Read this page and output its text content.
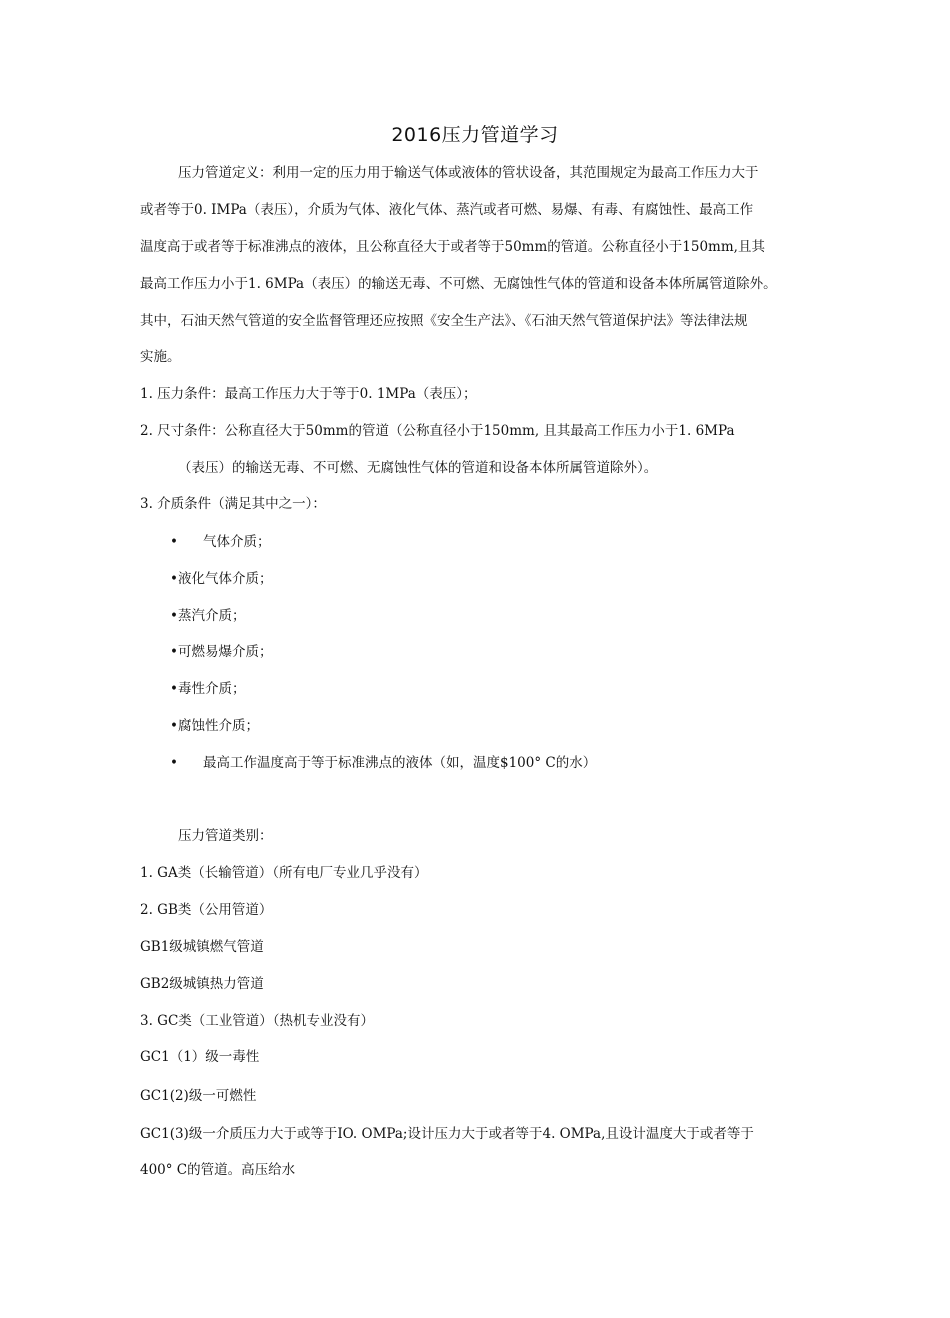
2016压力管道学习
压力管道定义：利用一定的压力用于输送气体或液体的管状设备，其范围规定为最高工作压力大于
或者等于0. IMPa（表压），介质为气体、液化气体、蒸汽或者可燃、易爆、有毒、有腐蚀性、最高工作
温度高于或者等于标准沸点的液体，且公称直径大于或者等于50mm的管道。公称直径小于150mm,且其
最高工作压力小于1. 6MPa（表压）的输送无毒、不可燃、无腐蚀性气体的管道和设备本体所属管道除外。
其中，石油天然气管道的安全监督管理还应按照《安全生产法》、《石油天然气管道保护法》等法律法规
实施。
1. 压力条件：最高工作压力大于等于0. 1MPa（表压）；
2. 尺寸条件：公称直径大于50mm的管道（公称直径小于150mm, 且其最高工作压力小于1. 6MPa
（表压）的输送无毒、不可燃、无腐蚀性气体的管道和设备本体所属管道除外）。
3. 介质条件（满足其中之一）：
• 气体介质；
•液化气体介质；
•蒸汽介质；
•可燃易爆介质；
•毒性介质；
•腐蚀性介质；
• 最高工作温度高于等于标准沸点的液体（如，温度$100° C的水）
压力管道类别：
1. GA类（长输管道）（所有电厂专业几乎没有）
2. GB类（公用管道）
GB1级城镇燃气管道
GB2级城镇热力管道
3. GC类（工业管道）（热机专业没有）
GC1（1）级一毒性
GC1(2)级一可燃性
GC1(3)级一介质压力大于或等于IO. OMPa;设计压力大于或者等于4. OMPa,且设计温度大于或者等于
400° C的管道。高压给水
